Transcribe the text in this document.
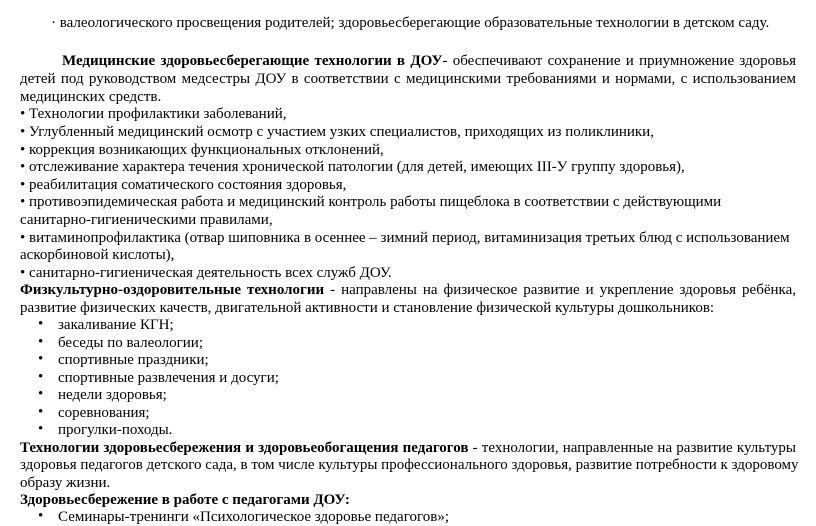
· валеологического просвещения родителей; здоровьесберегающие образовательные технологии в детском саду.
Медицинские здоровьесберегающие технологии в ДОУ- обеспечивают сохранение и приумножение здоровья
детей под руководством медсестры ДОУ в соответствии с медицинскими требованиями и нормами, с использованием
медицинских средств.
• Технологии профилактики заболеваний,
• Углубленный медицинский осмотр с участием узких специалистов, приходящих из поликлиники,
• коррекция возникающих функциональных отклонений,
• отслеживание характера течения хронической патологии (для детей, имеющих III-У группу здоровья),
• реабилитация соматического состояния здоровья,
• противоэпидемическая работа и медицинский контроль работы пищеблока в соответствии с действующими
санитарно-гигиеническими правилами,
• витаминопрофилактика (отвар шиповника в осеннее – зимний период, витаминизация третьих блюд с использованием
аскорбиновой кислоты),
• санитарно-гигиеническая деятельность всех служб ДОУ.
Физкультурно-оздоровительные технологии - направлены на физическое развитие и укрепление здоровья ребёнка,
развитие физических качеств, двигательной активности и становление физической культуры дошкольников:
закаливание КГН;
беседы по валеологии;
спортивные праздники;
спортивные развлечения и досуги;
недели здоровья;
соревнования;
прогулки-походы.
Технологии здоровьесбережения и здоровьеобогащения педагогов - технологии, направленные на развитие культуры
здоровья педагогов детского сада, в том числе культуры профессионального здоровья, развитие потребности к здоровому
образу жизни.
Здоровьесбережение в работе с педагогами ДОУ:
Семинары-тренинги «Психологическое здоровье педагогов»;
